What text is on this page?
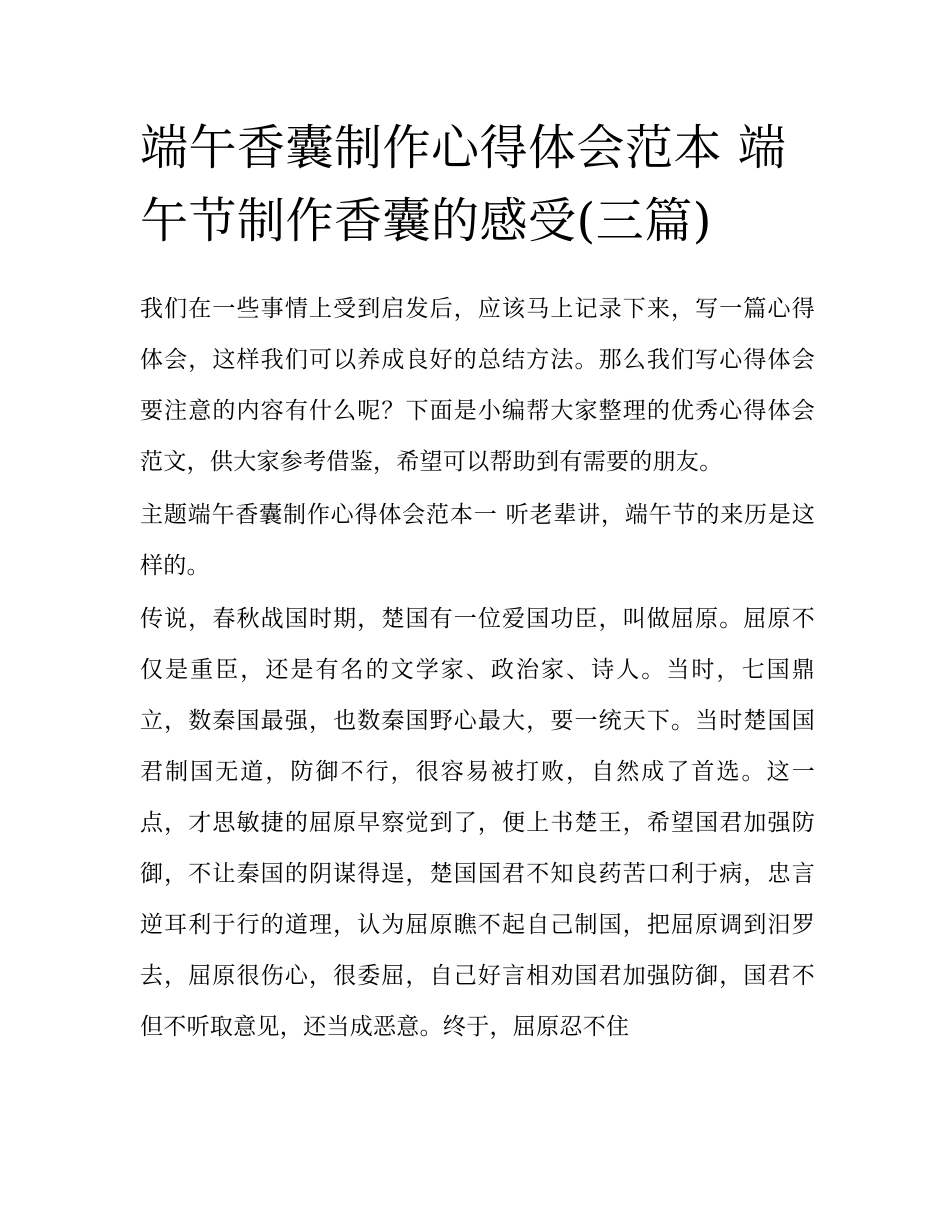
端午香囊制作心得体会范本 端
午节制作香囊的感受(三篇)

我们在一些事情上受到启发后，应该马上记录下来，写一篇心得体会，这样我们可以养成良好的总结方法。那么我们写心得体会要注意的内容有什么呢？下面是小编帮大家整理的优秀心得体会范文，供大家参考借鉴，希望可以帮助到有需要的朋友。

主题端午香囊制作心得体会范本一 听老辈讲，端午节的来历是这样的。

传说，春秋战国时期，楚国有一位爱国功臣，叫做屈原。屈原不仅是重臣，还是有名的文学家、政治家、诗人。当时，七国鼎立，数秦国最强，也数秦国野心最大，要一统天下。当时楚国国君制国无道，防御不行，很容易被打败，自然成了首选。这一点，才思敏捷的屈原早察觉到了，便上书楚王，希望国君加强防御，不让秦国的阴谋得逞，楚国国君不知良药苦口利于病，忠言逆耳利于行的道理，认为屈原瞧不起自己制国，把屈原调到汨罗去，屈原很伤心，很委屈，自己好言相劝国君加强防御，国君不但不听取意见，还当成恶意。终于，屈原忍不住
